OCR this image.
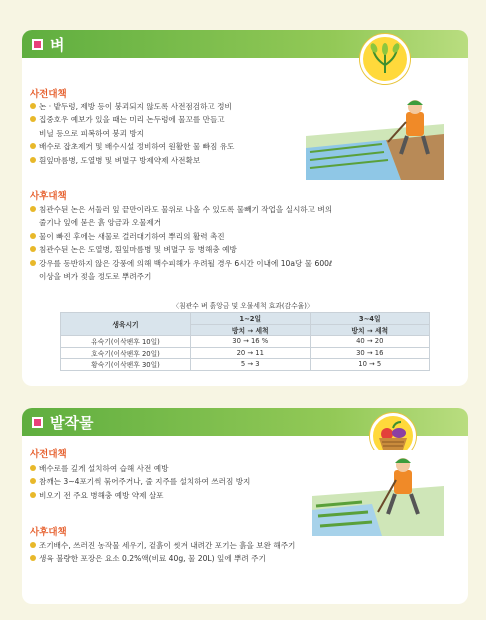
벼
사전대책
논 · 밭두렁, 제방 등이 붕괴되지 않도록 사전점검하고 정비
집중호우 예보가 있을 때는 미리 논두렁에 물꼬를 만들고
비닐 등으로 피복하여 붕괴 방지
배수로 잡초제거 및 배수시설 정비하여 원활한 물 빠짐 유도
흰잎마름병, 도열병 및 벼멸구 방제약제 사전확보
사후대책
침관수된 논은 서둘러 잎 끝만이라도 물위로 나올 수 있도록 물빼기 작업을 실시하고 벼의
줄기나 잎에 묻은 흙 앙금과 오물제거
물이 빠진 후에는 새물로 걸러대기하여 뿌리의 활력 촉진
침관수된 논은 도열병, 흰잎마름병 및 벼멸구 등 병해충 예방
강우를 동반하지 않은 강풍에 의해 백수피해가 우려될 경우 6시간 이내에 10a당 물 600ℓ
이상을 벼가 젖을 정도로 뿌려주기
〈침관수 벼 흙앙금 및 오물세척 효과(감수율)〉
생육시기	1~2일	3~4일
	방치 → 세척	방치 → 세척
유숙기(이삭팬후 10일)	30 → 16 %	40 → 20
호숙기(이삭팬후 20일)	20 → 11	30 → 16
황숙기(이삭팬후 30일)	5 → 3	10 → 5
밭작물
사전대책
배수로를 깊게 설치하여 습해 사전 예방
참깨는 3~4포기씩 묶어주거나, 줄 지주를 설치하여 쓰러짐 방지
비오기 전 주요 병해충 예방 약제 살포
사후대책
조기배수, 쓰러진 농작물 세우기, 겉흙이 씻겨 내려간 포기는 흙을 보완 해주기
생육 불량한 포장은 요소 0.2%액(비료 40g, 물 20L) 잎에 뿌려 주기
